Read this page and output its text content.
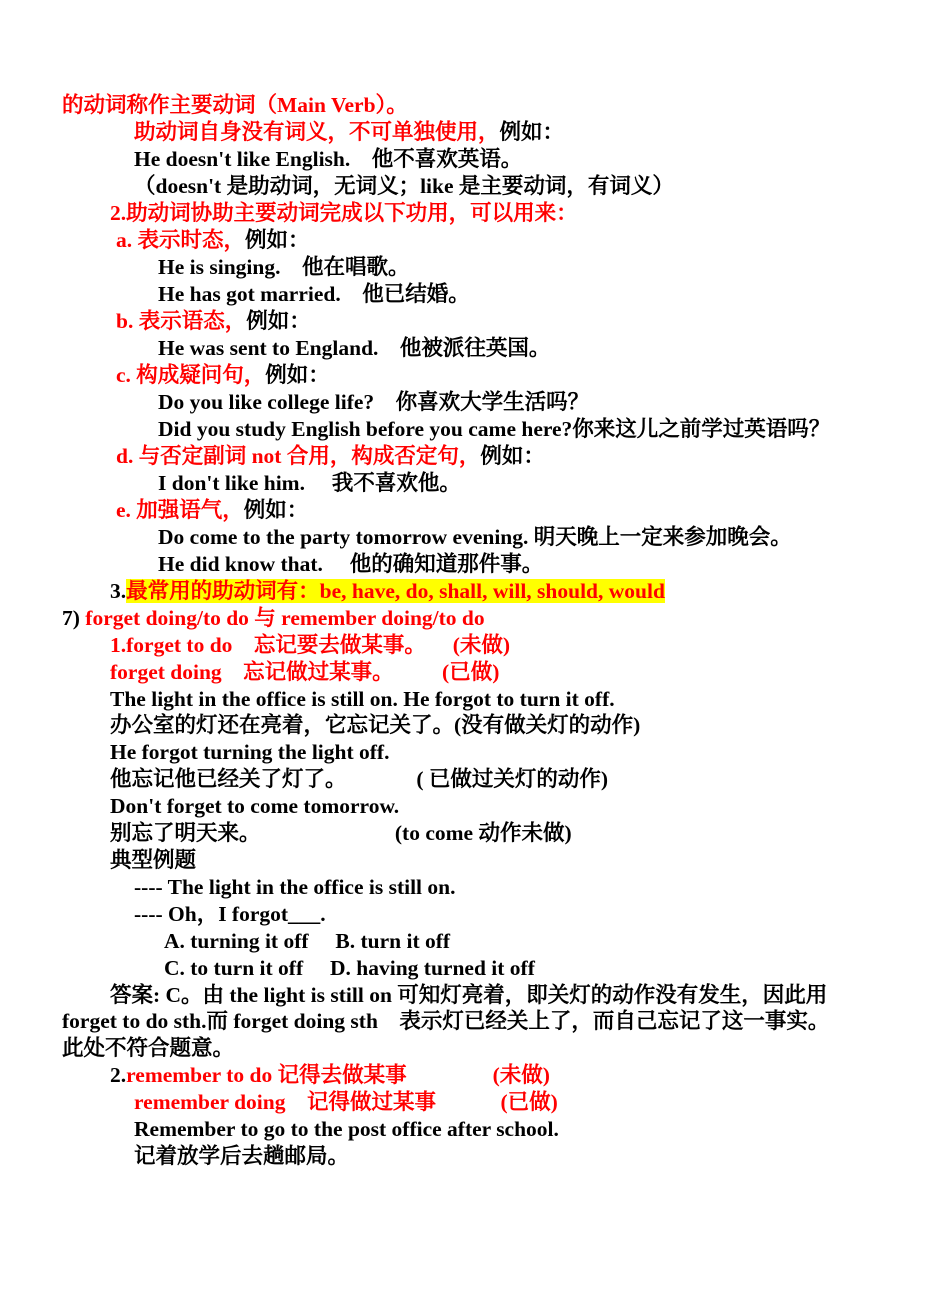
的动词称作主要动词（Main Verb）。
助动词自身没有词义，不可单独使用，例如：
He doesn't like English.    他不喜欢英语。
（doesn't 是助动词，无词义；like 是主要动词，有词义）
2.助动词协助主要动词完成以下功用，可以用来：
a. 表示时态，例如：
He is singing.    他在唱歌。
He has got married.    他已结婚。
b. 表示语态，例如：
He was sent to England.    他被派往英国。
c. 构成疑问句，例如：
Do you like college life?    你喜欢大学生活吗？
Did you study English before you came here?你来这儿之前学过英语吗？
d. 与否定副词 not 合用，构成否定句，例如：
I don't like him.     我不喜欢他。
e. 加强语气，例如：
Do come to the party tomorrow evening. 明天晚上一定来参加晚会。
He did know that.     他的确知道那件事。
3.最常用的助动词有：be, have, do, shall, will, should, would
7) forget doing/to do 与 remember doing/to do
1.forget to do    忘记要去做某事。     (未做)
forget doing    忘记做过某事。         (已做)
The light in the office is still on. He forgot to turn it off.
办公室的灯还在亮着，它忘记关了。(没有做关灯的动作)
He forgot turning the light off.
他忘记他已经关了灯了。             ( 已做过关灯的动作)
Don't forget to come tomorrow.
别忘了明天来。                         (to come 动作未做)
典型例题
---- The light in the office is still on.
---- Oh，I forgot___.
A. turning it off     B. turn it off
C. to turn it off     D. having turned it off
答案: C。由 the light is still on 可知灯亮着，即关灯的动作没有发生，因此用
forget to do sth.而 forget doing sth    表示灯已经关上了，而自己忘记了这一事实。
此处不符合题意。
2.remember to do 记得去做某事                (未做)
remember doing    记得做过某事            (已做)
Remember to go to the post office after school.
记着放学后去趟邮局。
